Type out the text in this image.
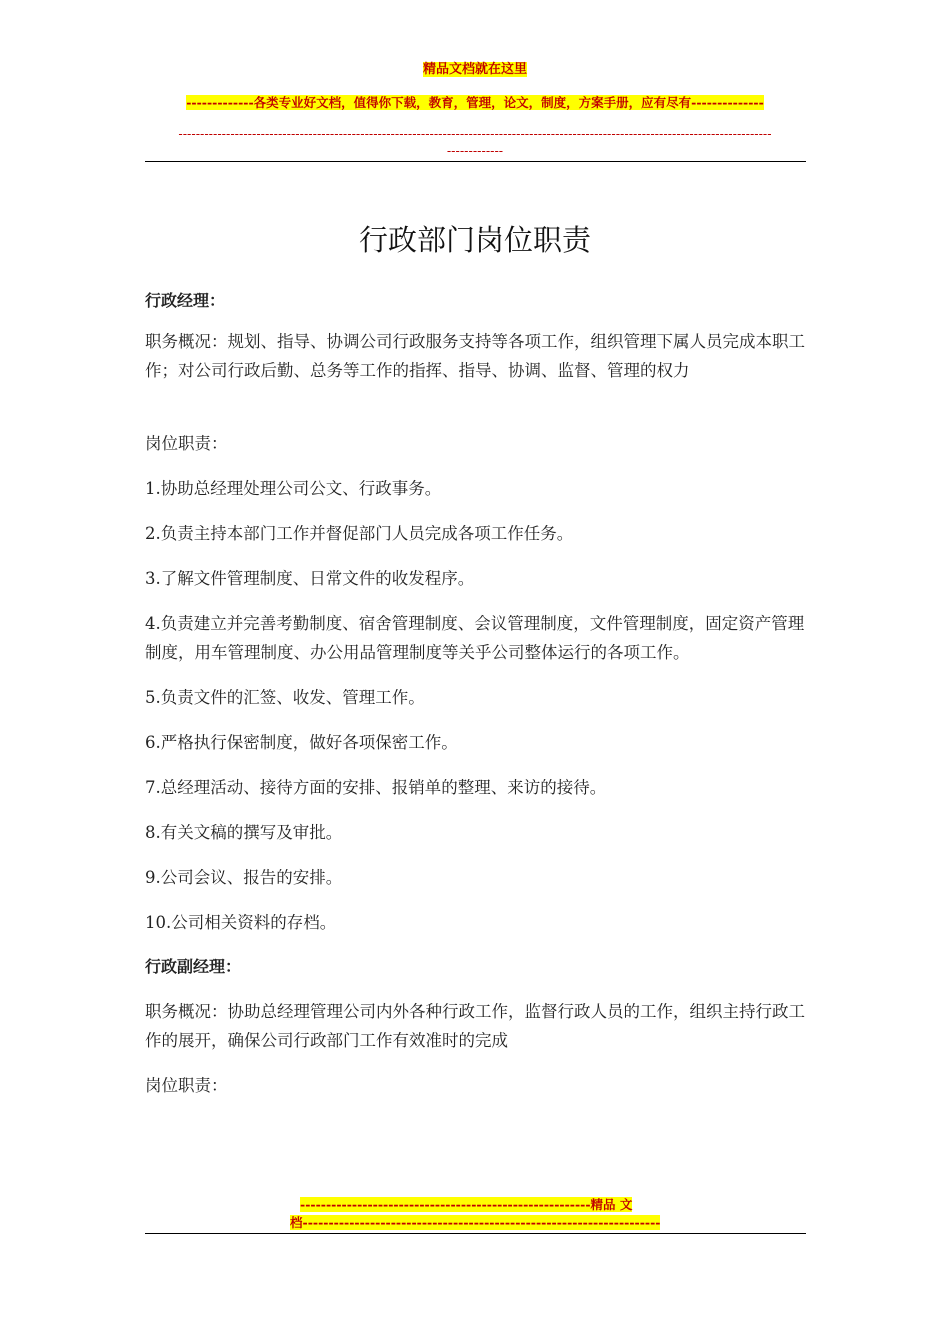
精品文档就在这里
-------------各类专业好文档，值得你下载，教育，管理，论文，制度，方案手册，应有尽有--------------
-----------------------------------------------------------------------------------------------------------------------------------------
-------------
行政部门岗位职责

行政经理：

职务概况：规划、指导、协调公司行政服务支持等各项工作，组织管理下属人员完成本职工作；对公司行政后勤、总务等工作的指挥、指导、协调、监督、管理的权力

岗位职责：

1.协助总经理处理公司公文、行政事务。

2.负责主持本部门工作并督促部门人员完成各项工作任务。

3.了解文件管理制度、日常文件的收发程序。

4.负责建立并完善考勤制度、宿舍管理制度、会议管理制度，文件管理制度，固定资产管理制度，用车管理制度、办公用品管理制度等关乎公司整体运行的各项工作。

5.负责文件的汇签、收发、管理工作。

6.严格执行保密制度，做好各项保密工作。

7.总经理活动、接待方面的安排、报销单的整理、来访的接待。

8.有关文稿的撰写及审批。

9.公司会议、报告的安排。

10.公司相关资料的存档。

行政副经理：

职务概况：协助总经理管理公司内外各种行政工作，监督行政人员的工作，组织主持行政工作的展开，确保公司行政部门工作有效准时的完成

岗位职责：

--------------------------------------------------------精品 文
档---------------------------------------------------------------------
